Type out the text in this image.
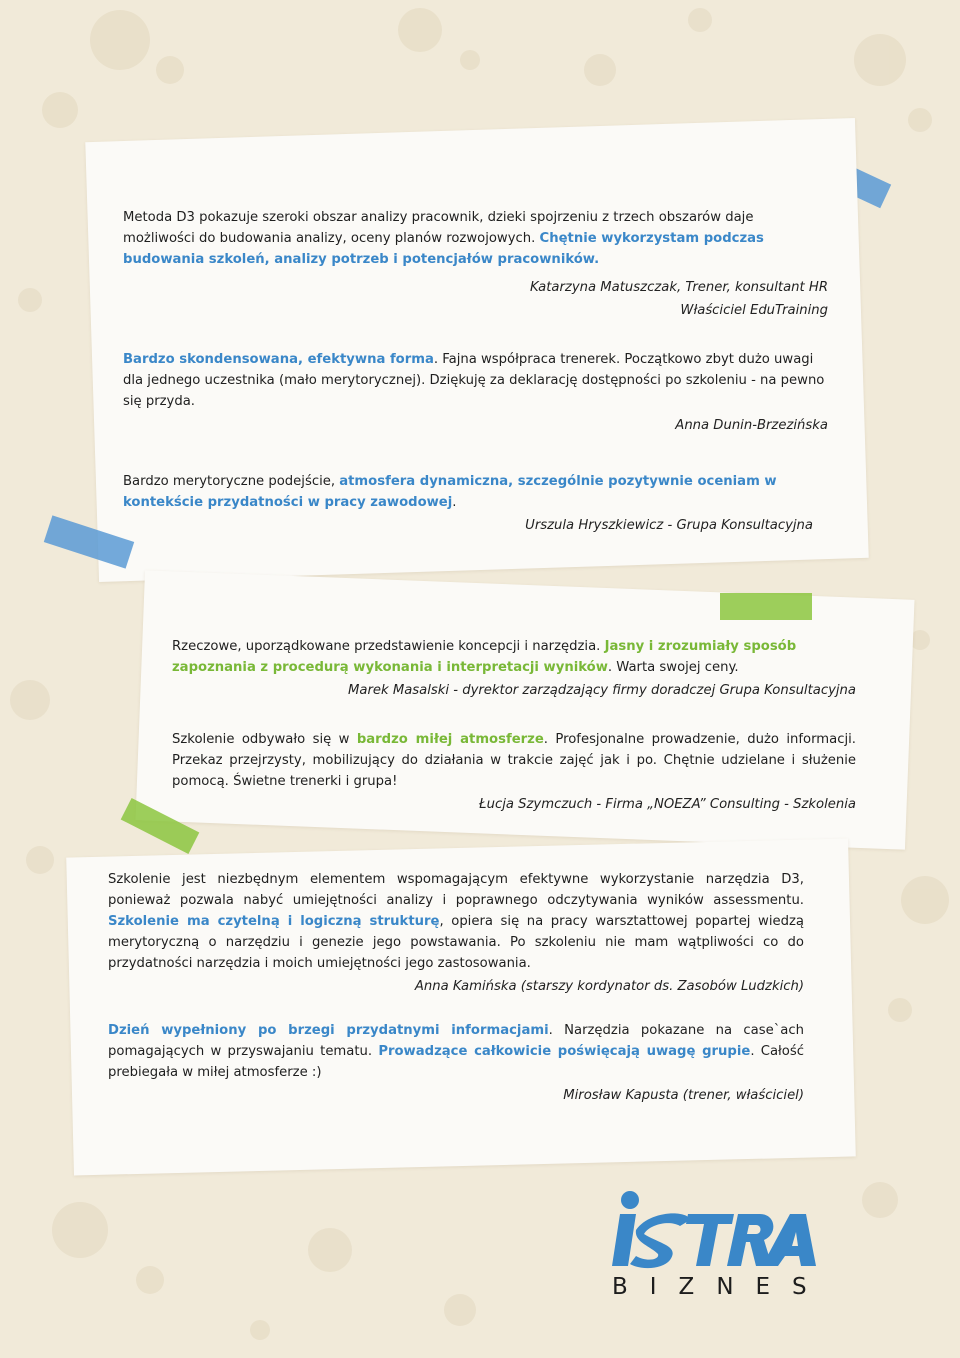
Metoda D3 pokazuje szeroki obszar analizy pracownik, dzieki spojrzeniu z trzech obszarów daje możliwości do budowania analizy, oceny planów rozwojowych. Chętnie wykorzystam podczas budowania szkoleń, analizy potrzeb i potencjałów pracowników.

Katarzyna Matuszczak, Trener, konsultant HR
Właściciel EduTraining

Bardzo skondensowana, efektywna forma. Fajna współpraca trenerek. Początkowo zbyt dużo uwagi dla jednego uczestnika (mało merytorycznej). Dziękuję za deklarację dostępności po szkoleniu - na pewno się przyda.

Anna Dunin-Brzezińska

Bardzo merytoryczne podejście, atmosfera dynamiczna, szczególnie pozytywnie oceniam w kontekście przydatności w pracy zawodowej.

Urszula Hryszkiewicz - Grupa Konsultacyjna

Rzeczowe, uporządkowane przedstawienie koncepcji i narzędzia. Jasny i zrozumiały sposób zapoznania z procedurą wykonania i interpretacji wyników. Warta swojej ceny.

Marek Masalski - dyrektor zarządzający firmy doradczej Grupa Konsultacyjna

Szkolenie odbywało się w bardzo miłej atmosferze. Profesjonalne prowadzenie, dużo informacji. Przekaz przejrzysty, mobilizujący do działania w trakcie zajęć jak i po. Chętnie udzielane i służenie pomocą. Świetne trenerki i grupa!

Łucja Szymczuch - Firma „NOEZA” Consulting - Szkolenia

Szkolenie jest niezbędnym elementem wspomagającym efektywne wykorzystanie narzędzia D3, ponieważ pozwala nabyć umiejętności analizy i poprawnego odczytywania wyników assessmentu. Szkolenie ma czytelną i logiczną strukturę, opiera się na pracy warsztattowej popartej wiedzą merytoryczną o narzędziu i genezie jego powstawania. Po szkoleniu nie mam wątpliwości co do przydatności narzędzia i moich umiejętności jego zastosowania.

Anna Kamińska (starszy kordynator ds. Zasobów Ludzkich)

Dzień wypełniony po brzegi przydatnymi informacjami. Narzędzia pokazane na case`ach pomagających w przyswajaniu tematu. Prowadzące całkowicie poświęcają uwagę grupie. Całość prebiegała w miłej atmosferze :)

Mirosław Kapusta (trener, właściciel)
BIZNES
